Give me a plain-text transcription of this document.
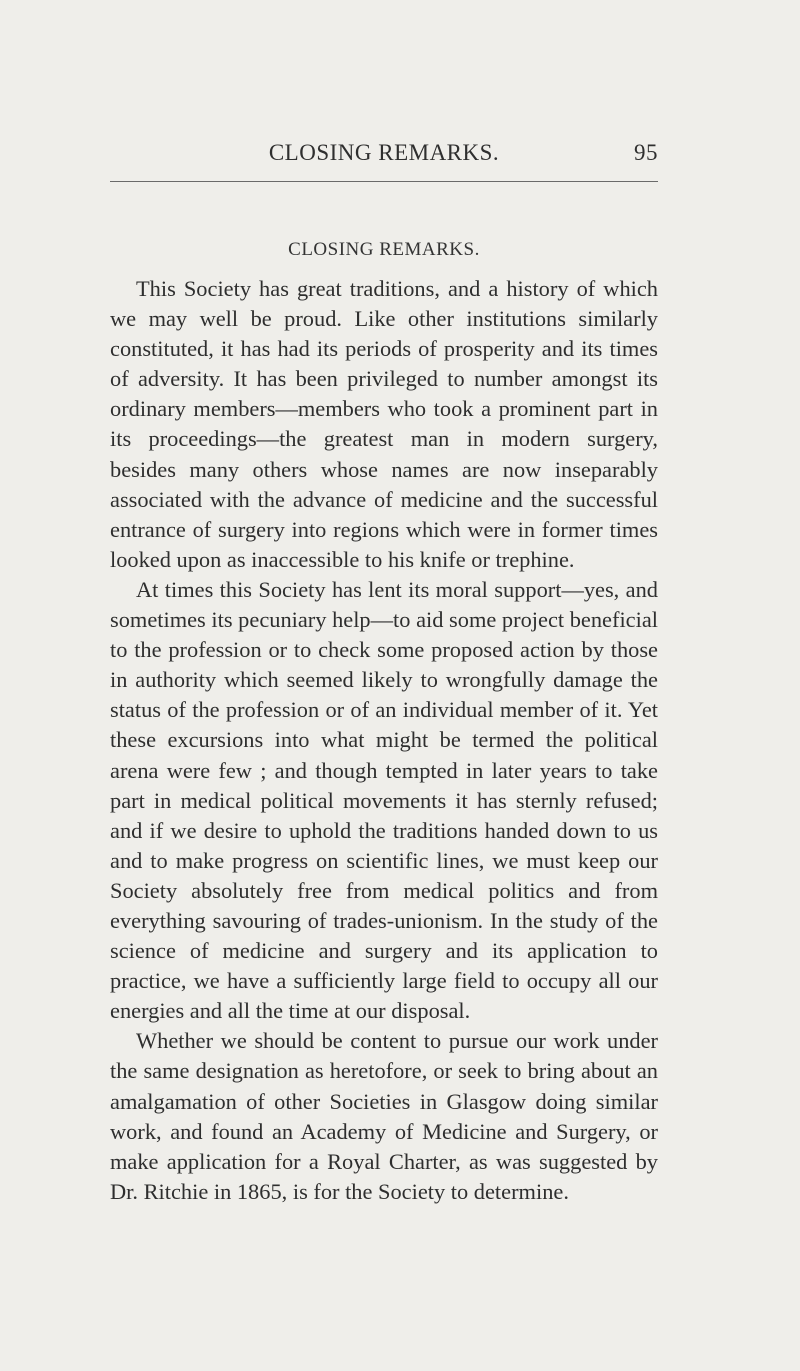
CLOSING REMARKS.	95
CLOSING REMARKS.

This Society has great traditions, and a history of which we may well be proud. Like other institutions similarly constituted, it has had its periods of prosperity and its times of adversity. It has been privileged to number amongst its ordinary members—members who took a prominent part in its proceedings—the greatest man in modern surgery, besides many others whose names are now inseparably associated with the advance of medicine and the successful entrance of surgery into regions which were in former times looked upon as inaccessible to his knife or trephine.

At times this Society has lent its moral support—yes, and sometimes its pecuniary help—to aid some project beneficial to the profession or to check some proposed action by those in authority which seemed likely to wrongfully damage the status of the profession or of an individual member of it. Yet these excursions into what might be termed the political arena were few ; and though tempted in later years to take part in medical political movements it has sternly refused; and if we desire to uphold the traditions handed down to us and to make progress on scientific lines, we must keep our Society absolutely free from medical politics and from everything savouring of trades-unionism. In the study of the science of medicine and surgery and its application to practice, we have a sufficiently large field to occupy all our energies and all the time at our disposal.

Whether we should be content to pursue our work under the same designation as heretofore, or seek to bring about an amalgamation of other Societies in Glasgow doing similar work, and found an Academy of Medicine and Surgery, or make application for a Royal Charter, as was suggested by Dr. Ritchie in 1865, is for the Society to determine.
